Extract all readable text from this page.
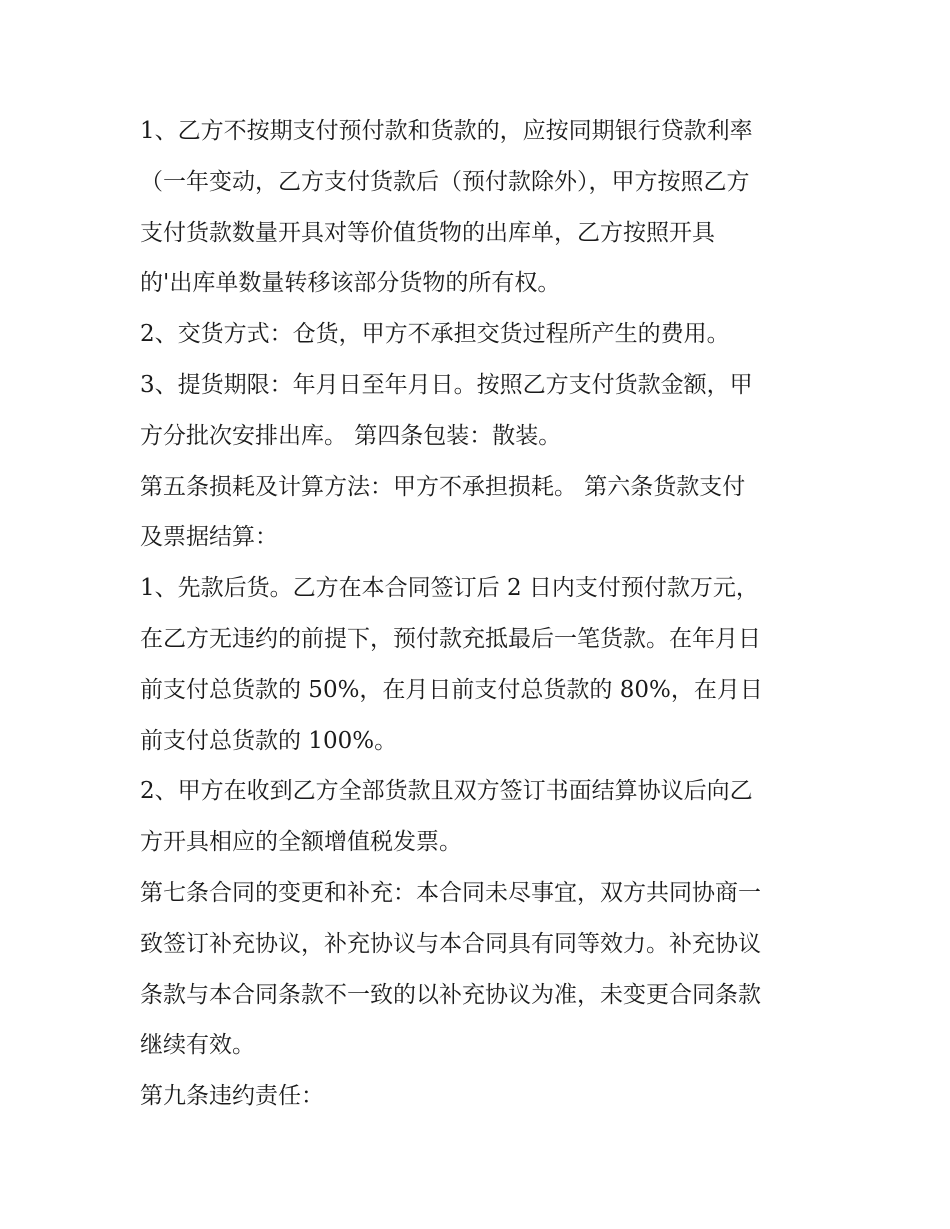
1、乙方不按期支付预付款和货款的，应按同期银行贷款利率
（一年变动，乙方支付货款后（预付款除外），甲方按照乙方
支付货款数量开具对等价值货物的出库单，乙方按照开具
的'出库单数量转移该部分货物的所有权。
2、交货方式：仓货，甲方不承担交货过程所产生的费用。
3、提货期限：年月日至年月日。按照乙方支付货款金额，甲
方分批次安排出库。 第四条包装：散装。
第五条损耗及计算方法：甲方不承担损耗。 第六条货款支付
及票据结算：
1、先款后货。乙方在本合同签订后 2 日内支付预付款万元，
在乙方无违约的前提下，预付款充抵最后一笔货款。在年月日
前支付总货款的 50%，在月日前支付总货款的 80%，在月日
前支付总货款的 100%。
2、甲方在收到乙方全部货款且双方签订书面结算协议后向乙
方开具相应的全额增值税发票。
第七条合同的变更和补充：本合同未尽事宜，双方共同协商一
致签订补充协议，补充协议与本合同具有同等效力。补充协议
条款与本合同条款不一致的以补充协议为准，未变更合同条款
继续有效。
第九条违约责任：
